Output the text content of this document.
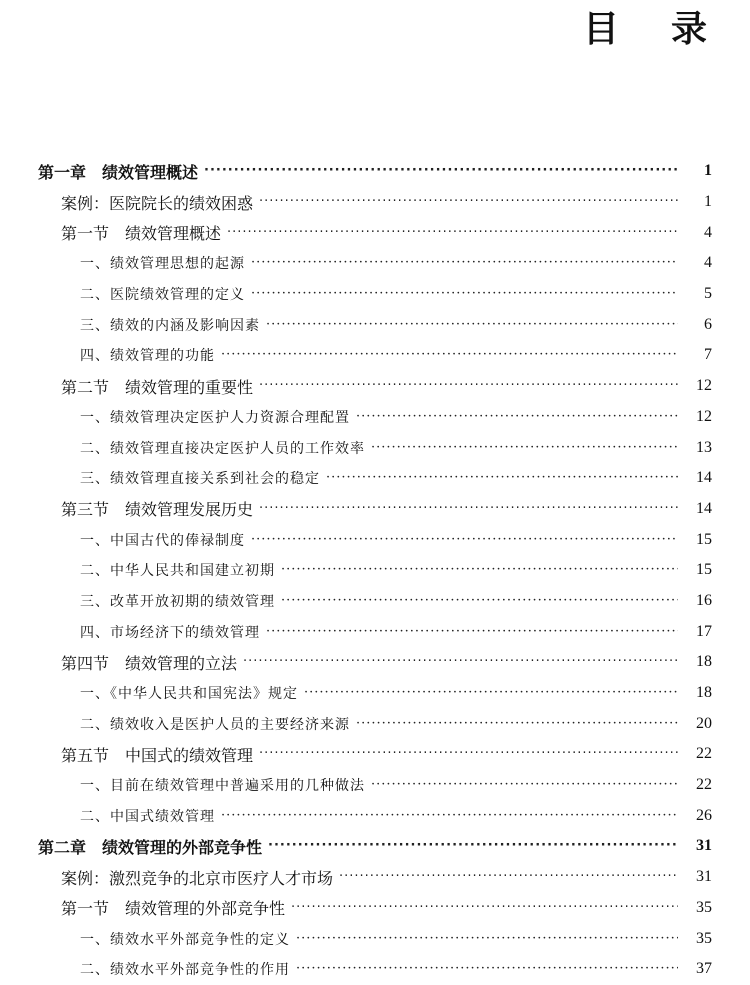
目 录
第一章　绩效管理概述 ·····	1
案例：医院院长的绩效困惑 ·····	1
第一节　绩效管理概述 ·····	4
一、绩效管理思想的起源 ·····	4
二、医院绩效管理的定义 ·····	5
三、绩效的内涵及影响因素 ·····	6
四、绩效管理的功能 ·····	7
第二节　绩效管理的重要性 ·····	12
一、绩效管理决定医护人力资源合理配置 ·····	12
二、绩效管理直接决定医护人员的工作效率 ·····	13
三、绩效管理直接关系到社会的稳定 ·····	14
第三节　绩效管理发展历史 ·····	14
一、中国古代的俸禄制度 ·····	15
二、中华人民共和国建立初期 ·····	15
三、改革开放初期的绩效管理 ·····	16
四、市场经济下的绩效管理 ·····	17
第四节　绩效管理的立法 ·····	18
一、《中华人民共和国宪法》规定 ·····	18
二、绩效收入是医护人员的主要经济来源 ·····	20
第五节　中国式的绩效管理 ·····	22
一、目前在绩效管理中普遍采用的几种做法 ·····	22
二、中国式绩效管理 ·····	26
第二章　绩效管理的外部竞争性 ·····	31
案例：激烈竞争的北京市医疗人才市场 ·····	31
第一节　绩效管理的外部竞争性 ·····	35
一、绩效水平外部竞争性的定义 ·····	35
二、绩效水平外部竞争性的作用 ·····	37
